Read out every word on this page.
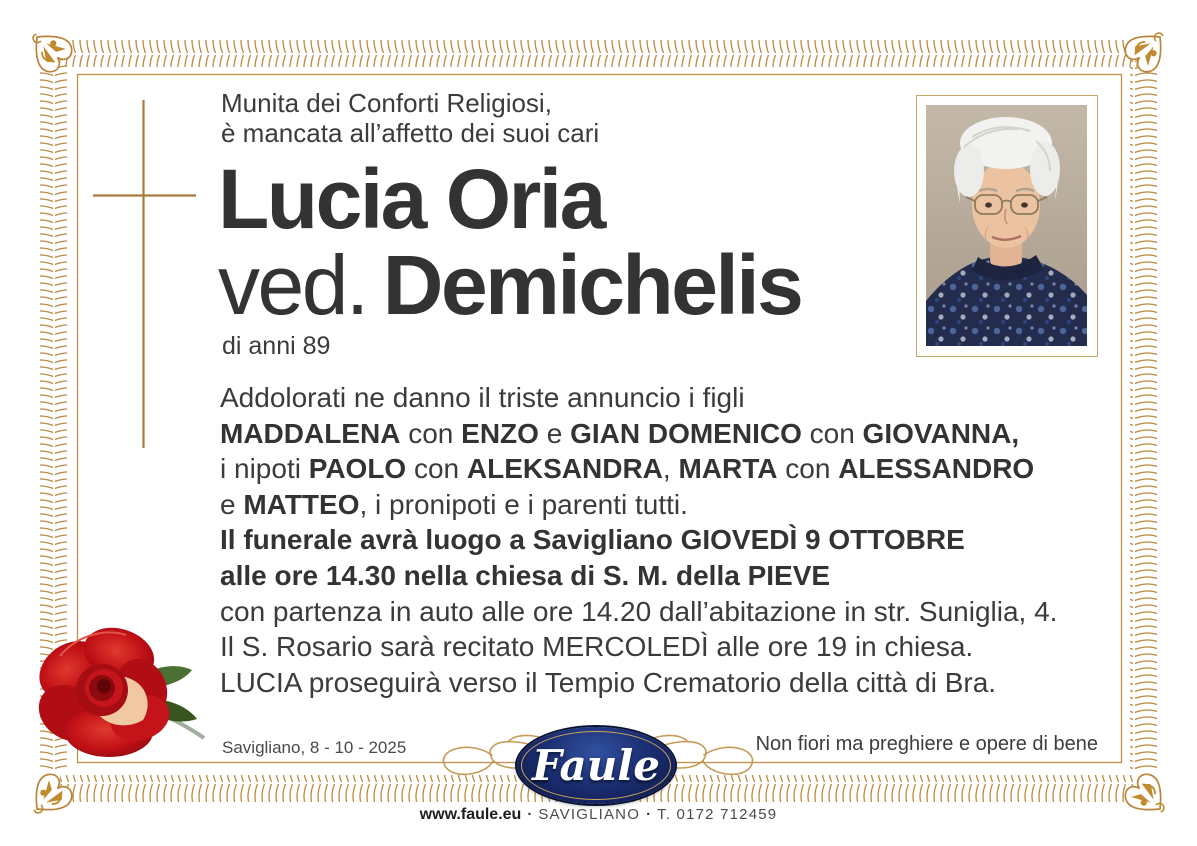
Munita dei Conforti Religiosi,
è mancata all’affetto dei suoi cari
Lucia Oria
ved. Demichelis
di anni 89
Addolorati ne danno il triste annuncio i figli
MADDALENA con ENZO e GIAN DOMENICO con GIOVANNA,
i nipoti PAOLO con ALEKSANDRA, MARTA con ALESSANDRO
e MATTEO, i pronipoti e i parenti tutti.
Il funerale avrà luogo a Savigliano GIOVEDÌ 9 OTTOBRE
alle ore 14.30 nella chiesa di S. M. della PIEVE
con partenza in auto alle ore 14.20 dall’abitazione in str. Suniglia, 4.
Il S. Rosario sarà recitato MERCOLEDÌ alle ore 19 in chiesa.
LUCIA proseguirà verso il Tempio Crematorio della città di Bra.
Savigliano, 8 - 10 - 2025	Non fiori ma preghiere e opere di bene
Faule
www.faule.eu · SAVIGLIANO · T. 0172 712459
